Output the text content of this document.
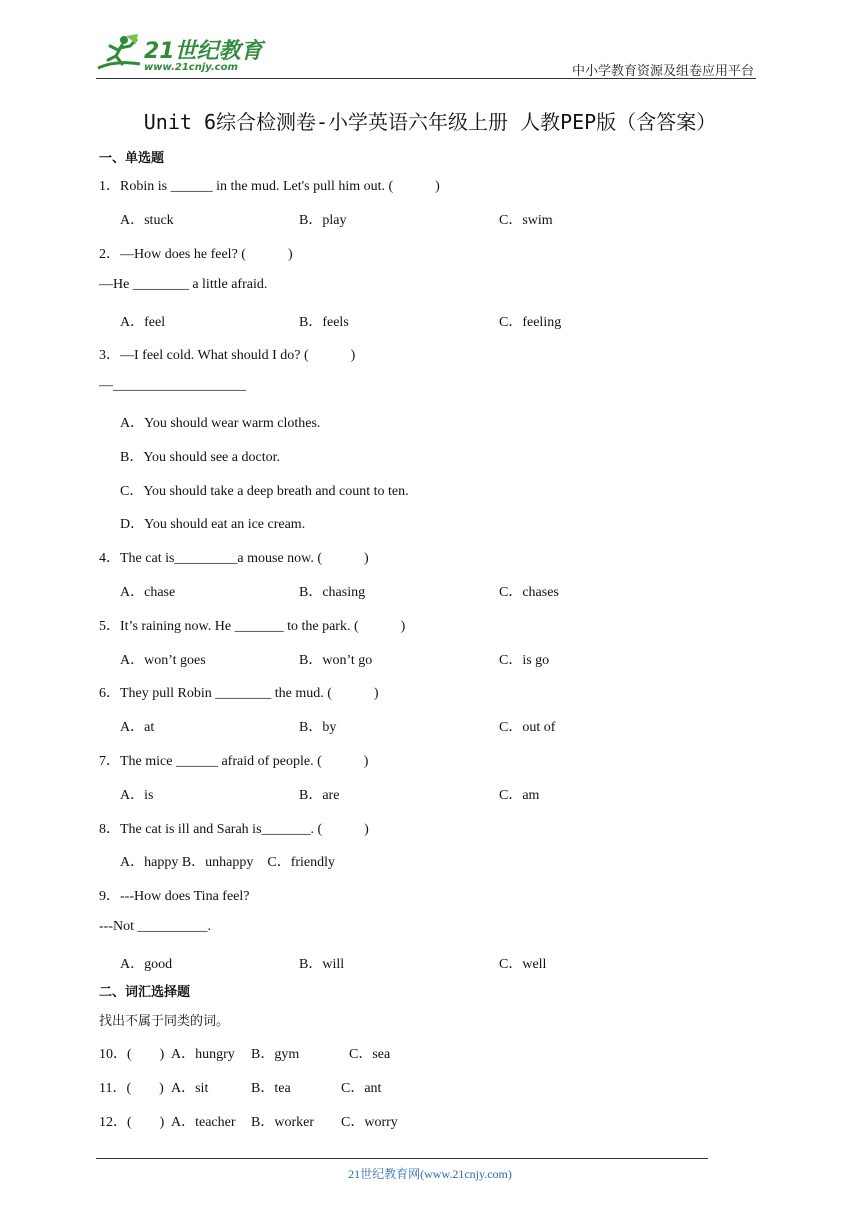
21世纪教育
www.21cnjy.com	中小学教育资源及组卷应用平台
Unit 6综合检测卷-小学英语六年级上册 人教PEP版（含答案）
一、单选题
1．Robin is ______ in the mud. Let's pull him out. (　　　)
A．stuck	B．play	C．swim
2．—How does he feel? (　　　)
—He ________ a little afraid.
A．feel	B．feels	C．feeling
3．—I feel cold. What should I do? (　　　)
—___________________
A．You should wear warm clothes.
B．You should see a doctor.
C．You should take a deep breath and count to ten.
D．You should eat an ice cream.
4．The cat is_________a mouse now. (　　　)
A．chase	B．chasing	C．chases
5．It’s raining now. He _______ to the park. (　　　)
A．won’t goes	B．won’t go	C．is go
6．They pull Robin ________ the mud. (　　　)
A．at	B．by	C．out of
7．The mice ______ afraid of people. (　　　)
A．is	B．are	C．am
8．The cat is ill and Sarah is_______. (　　　)
A．happy B．unhappy　C．friendly
9．---How does Tina feel?
---Not __________.
A．good	B．will	C．well
二、词汇选择题
找出不属于同类的词。
10．(　　) A．hungry B．gym	C．sea
11．(　　) A．sit	B．tea	C．ant
12．(　　) A．teacher B．worker C．worry
21世纪教育网(www.21cnjy.com)
